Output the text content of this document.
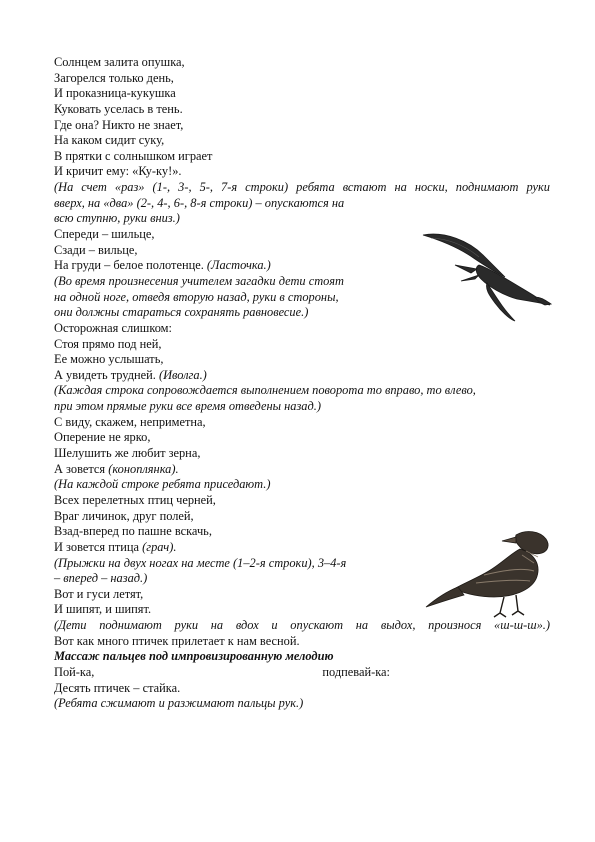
Солнцем залита опушка,
Загорелся только день,
И проказница-кукушка
Куковать уселась в тень.
Где она? Никто не знает,
На каком сидит суку,
В прятки с солнышком играет
И кричит ему: «Ку-ку!».
(На счет «раз» (1-, 3-, 5-, 7-я строки) ребята встают на носки, поднимают руки
вверх, на «два» (2-, 4-, 6-, 8-я строки) – опускаются на
всю ступню, руки вниз.)
Спереди – шильце,
Сзади – вильце,
На груди – белое полотенце. (Ласточка.)
(Во время произнесения учителем загадки дети стоят
на одной ноге, отведя вторую назад, руки в стороны,
они должны стараться сохранять равновесие.)
Осторожная слишком:
Стоя прямо под ней,
Ее можно услышать,
А увидеть трудней. (Иволга.)
(Каждая строка сопровождается выполнением поворота то вправо, то влево,
при этом прямые руки все время отведены назад.)
С виду, скажем, неприметна,
Оперение не ярко,
Шелушить же любит зерна,
А зовется (коноплянка).
(На каждой строке ребята приседают.)
Всех перелетных птиц черней,
Враг личинок, друг полей,
Взад-вперед по пашне вскачь,
И зовется птица (грач).
(Прыжки на двух ногах на месте (1–2-я строки), 3–4-я
– вперед – назад.)
Вот и гуси летят,
И шипят, и шипят.
(Дети поднимают руки на вдох и опускают на выдох, произнося «ш-ш-ш».)
Вот как много птичек прилетает к нам весной.
Массаж пальцев под импровизированную мелодию
Пой-ка,	подпевай-ка:
Десять птичек – стайка.
(Ребята сжимают и разжимают пальцы рук.)
